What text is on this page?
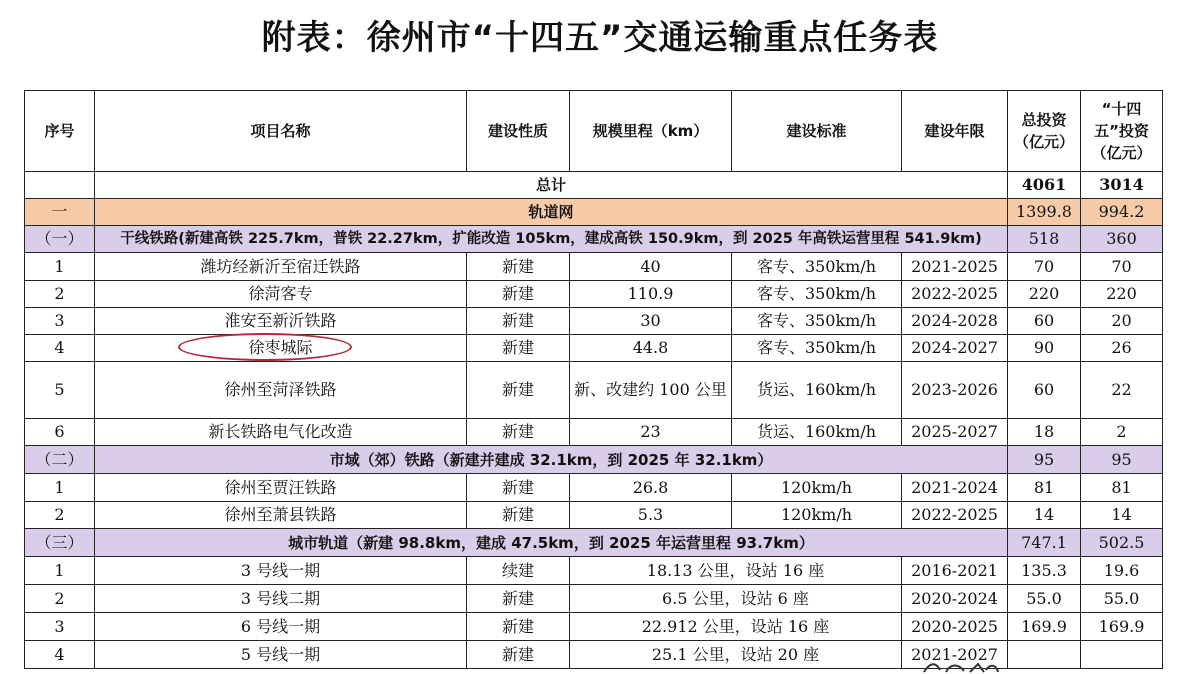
附表：徐州市“十四五”交通运输重点任务表
序号	项目名称	建设性质	规模里程（km）	建设标准	建设年限	总投资（亿元）	“十四五”投资（亿元）
	总计					4061	3014
一	轨道网					1399.8	994.2
（一）	干线铁路(新建高铁 225.7km，普铁 22.27km，扩能改造 105km，建成高铁 150.9km，到 2025 年高铁运营里程 541.9km)					518	360
1	潍坊经新沂至宿迁铁路	新建	40	客专、350km/h	2021-2025	70	70
2	徐菏客专	新建	110.9	客专、350km/h	2022-2025	220	220
3	淮安至新沂铁路	新建	30	客专、350km/h	2024-2028	60	20
4	徐枣城际	新建	44.8	客专、350km/h	2024-2027	90	26
5	徐州至菏泽铁路	新建	新、改建约 100 公里	货运、160km/h	2023-2026	60	22
6	新长铁路电气化改造	新建	23	货运、160km/h	2025-2027	18	2
（二）	市域（郊）铁路（新建并建成 32.1km，到 2025 年 32.1km）					95	95
1	徐州至贾汪铁路	新建	26.8	120km/h	2021-2024	81	81
2	徐州至萧县铁路	新建	5.3	120km/h	2022-2025	14	14
（三）	城市轨道（新建 98.8km，建成 47.5km，到 2025 年运营里程 93.7km）					747.1	502.5
1	3 号线一期	续建	18.13 公里，设站 16 座		2016-2021	135.3	19.6
2	3 号线二期	新建	6.5 公里，设站 6 座		2020-2024	55.0	55.0
3	6 号线一期	新建	22.912 公里，设站 16 座		2020-2025	169.9	169.9
4	5 号线一期	新建	25.1 公里，设站 20 座		2021-2027		
